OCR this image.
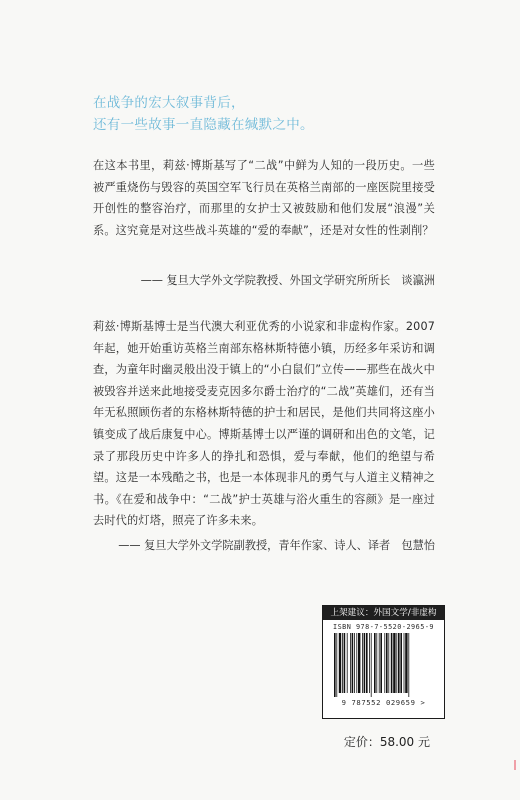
在战争的宏大叙事背后，
还有一些故事一直隐藏在缄默之中。
在这本书里，莉兹·博斯基写了“二战”中鲜为人知的一段历史。一些被严重烧伤与毁容的英国空军飞行员在英格兰南部的一座医院里接受开创性的整容治疗，而那里的女护士又被鼓励和他们发展“浪漫”关系。这究竟是对这些战斗英雄的“爱的奉献”，还是对女性的性剥削？
—— 复旦大学外文学院教授、外国文学研究所所长　谈瀛洲
莉兹·博斯基博士是当代澳大利亚优秀的小说家和非虚构作家。2007 年起，她开始重访英格兰南部东格林斯特德小镇，历经多年采访和调查，为童年时幽灵般出没于镇上的“小白鼠们”立传——那些在战火中被毁容并送来此地接受麦克因多尔爵士治疗的“二战”英雄们，还有当年无私照顾伤者的东格林斯特德的护士和居民，是他们共同将这座小镇变成了战后康复中心。博斯基博士以严谨的调研和出色的文笔，记录了那段历史中许多人的挣扎和恐惧，爱与奉献，他们的绝望与希望。这是一本残酷之书，也是一本体现非凡的勇气与人道主义精神之书。《在爱和战争中：“二战”护士英雄与浴火重生的容颜》是一座过去时代的灯塔，照亮了许多未来。
—— 复旦大学外文学院副教授，青年作家、诗人、译者　包慧怡
上架建议：外国文学/非虚构
ISBN 978-7-5520-2965-9
9 787552 029659 >
定价：58.00 元
